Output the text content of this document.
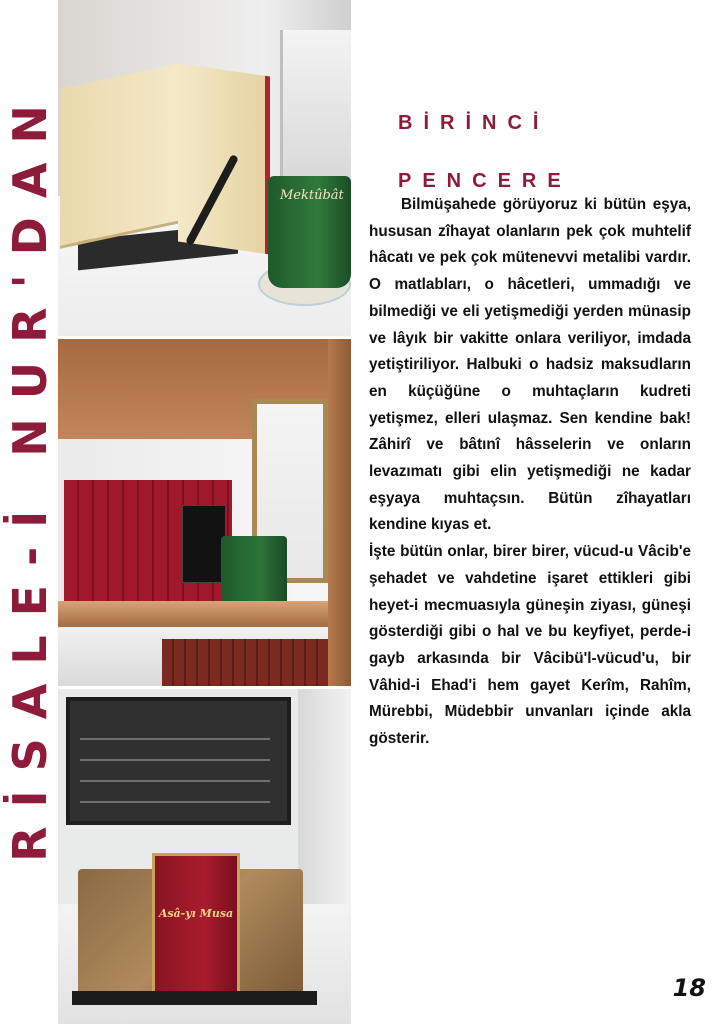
RİSALE-İ NUR'DAN	Mektûbât
Asâ-yı Musa
BİRİNCİ
PENCERE

Bilmüşahede görüyoruz ki bütün eşya, hususan zîhayat olanların pek çok muhtelif hâcatı ve pek çok mütenevvi metalibi vardır. O matlabları, o hâcetleri, ummadığı ve bilmediği ve eli yetişmediği yerden münasip ve lâyık bir vakitte onlara veriliyor, imdada yetiştiriliyor. Halbuki o hadsiz maksudların en küçüğüne o muhtaçların kudreti yetişmez, elleri ulaşmaz. Sen kendine bak! Zâhirî ve bâtınî hâsselerin ve onların levazımatı gibi elin yetişmediği ne kadar eşyaya muhtaçsın. Bütün zîhayatları kendine kıyas et.

İşte bütün onlar, birer birer, vücud-u Vâcib'e şehadet ve vahdetine işaret ettikleri gibi heyet-i mecmuasıyla güneşin ziyası, güneşi gösterdiği gibi o hal ve bu keyfiyet, perde-i gayb arkasında bir Vâcibü'l-vücud'u, bir Vâhid-i Ehad'i hem gayet Kerîm, Rahîm, Mürebbi, Müdebbir unvanları içinde akla gösterir.

18
